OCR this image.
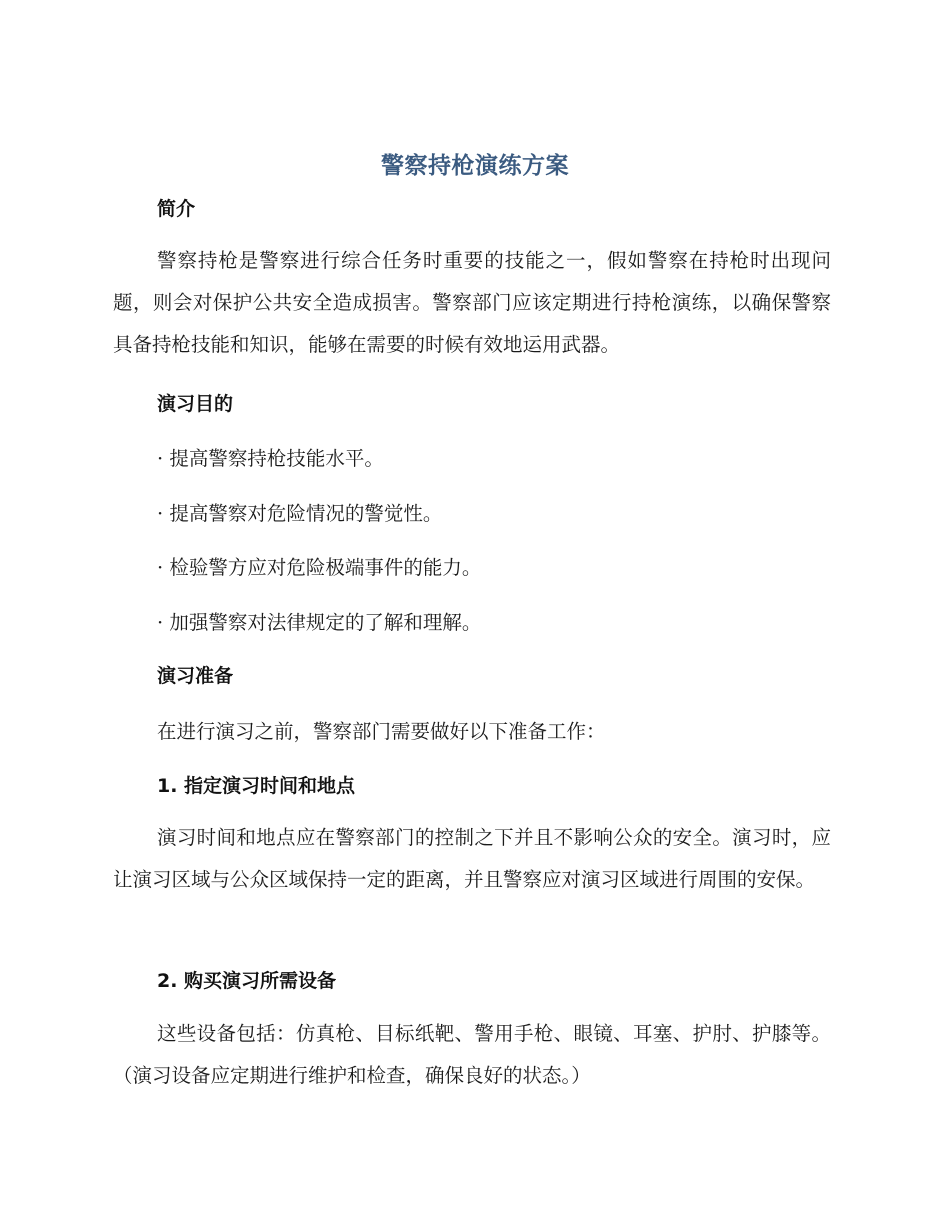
警察持枪演练方案
简介
警察持枪是警察进行综合任务时重要的技能之一，假如警察在持枪时出现问题，则会对保护公共安全造成损害。警察部门应该定期进行持枪演练，以确保警察具备持枪技能和知识，能够在需要的时候有效地运用武器。
演习目的
· 提高警察持枪技能水平。
· 提高警察对危险情况的警觉性。
· 检验警方应对危险极端事件的能力。
· 加强警察对法律规定的了解和理解。
演习准备
在进行演习之前，警察部门需要做好以下准备工作：
1. 指定演习时间和地点
演习时间和地点应在警察部门的控制之下并且不影响公众的安全。演习时，应让演习区域与公众区域保持一定的距离，并且警察应对演习区域进行周围的安保。
2. 购买演习所需设备
这些设备包括：仿真枪、目标纸靶、警用手枪、眼镜、耳塞、护肘、护膝等。（演习设备应定期进行维护和检查，确保良好的状态。）
